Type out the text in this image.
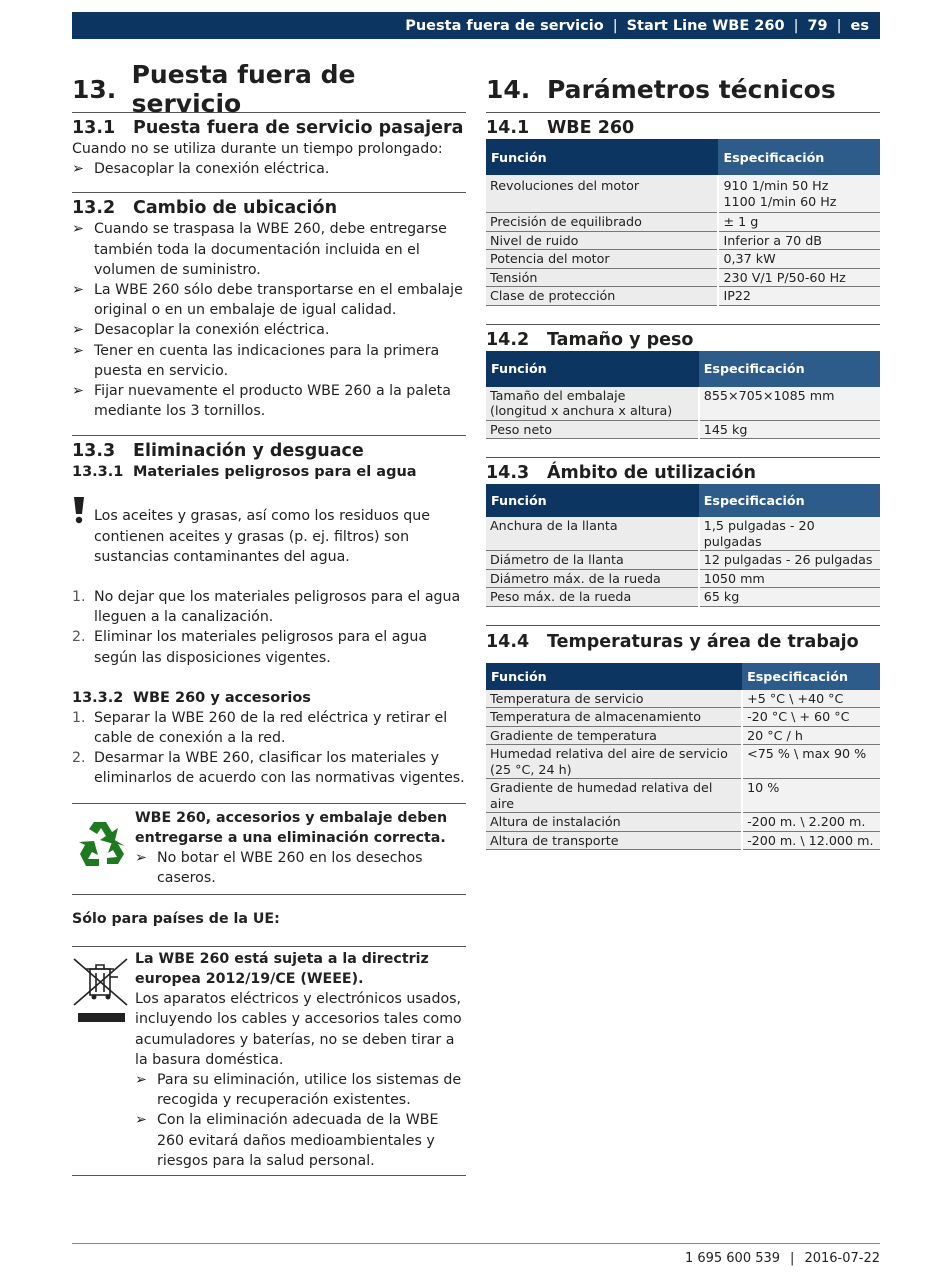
Puesta fuera de servicio | Start Line WBE 260 | 79 | es
13. Puesta fuera de servicio
13.1 Puesta fuera de servicio pasajera
Cuando no se utiliza durante un tiempo prolongado:
➢ Desacoplar la conexión eléctrica.
13.2 Cambio de ubicación
➢ Cuando se traspasa la WBE 260, debe entregarse también toda la documentación incluida en el volumen de suministro.
➢ La WBE 260 sólo debe transportarse en el embalaje original o en un embalaje de igual calidad.
➢ Desacoplar la conexión eléctrica.
➢ Tener en cuenta las indicaciones para la primera puesta en servicio.
➢ Fijar nuevamente el producto WBE 260 a la paleta mediante los 3 tornillos.
13.3 Eliminación y desguace
13.3.1 Materiales peligrosos para el agua
Los aceites y grasas, así como los residuos que contienen aceites y grasas (p. ej. filtros) son sustancias contaminantes del agua.
1. No dejar que los materiales peligrosos para el agua lleguen a la canalización.
2. Eliminar los materiales peligrosos para el agua según las disposiciones vigentes.
13.3.2 WBE 260 y accesorios
1. Separar la WBE 260 de la red eléctrica y retirar el cable de conexión a la red.
2. Desarmar la WBE 260, clasificar los materiales y eliminarlos de acuerdo con las normativas vigentes.
WBE 260, accesorios y embalaje deben entregarse a una eliminación correcta.
➢ No botar el WBE 260 en los desechos caseros.
Sólo para países de la UE:
La WBE 260 está sujeta a la directriz europea 2012/19/CE (WEEE).
Los aparatos eléctricos y electrónicos usados, incluyendo los cables y accesorios tales como acumuladores y baterías, no se deben tirar a la basura doméstica.
➢ Para su eliminación, utilice los sistemas de recogida y recuperación existentes.
➢ Con la eliminación adecuada de la WBE 260 evitará daños medioambientales y riesgos para la salud personal.
14. Parámetros técnicos
14.1 WBE 260
Función	Especificación
Revoluciones del motor	910 1/min 50 Hz
1100 1/min 60 Hz
Precisión de equilibrado	± 1 g
Nivel de ruido	Inferior a 70 dB
Potencia del motor	0,37 kW
Tensión	230 V/1 P/50-60 Hz
Clase de protección	IP22
14.2 Tamaño y peso
Función	Especificación
Tamaño del embalaje
(longitud x anchura x altura)	855×705×1085 mm
Peso neto	145 kg
14.3 Ámbito de utilización
Función	Especificación
Anchura de la llanta	1,5 pulgadas - 20 pulgadas
Diámetro de la llanta	12 pulgadas - 26 pulgadas
Diámetro máx. de la rueda	1050 mm
Peso máx. de la rueda	65 kg
14.4 Temperaturas y área de trabajo
Función	Especificación
Temperatura de servicio	+5 °C \ +40 °C
Temperatura de almacenamiento	-20 °C \ + 60 °C
Gradiente de temperatura	20 °C / h
Humedad relativa del aire de servicio
(25 °C, 24 h)	<75 % \ max 90 %
Gradiente de humedad relativa del aire	10 %
Altura de instalación	-200 m. \ 2.200 m.
Altura de transporte	-200 m. \ 12.000 m.
1 695 600 539 | 2016-07-22
